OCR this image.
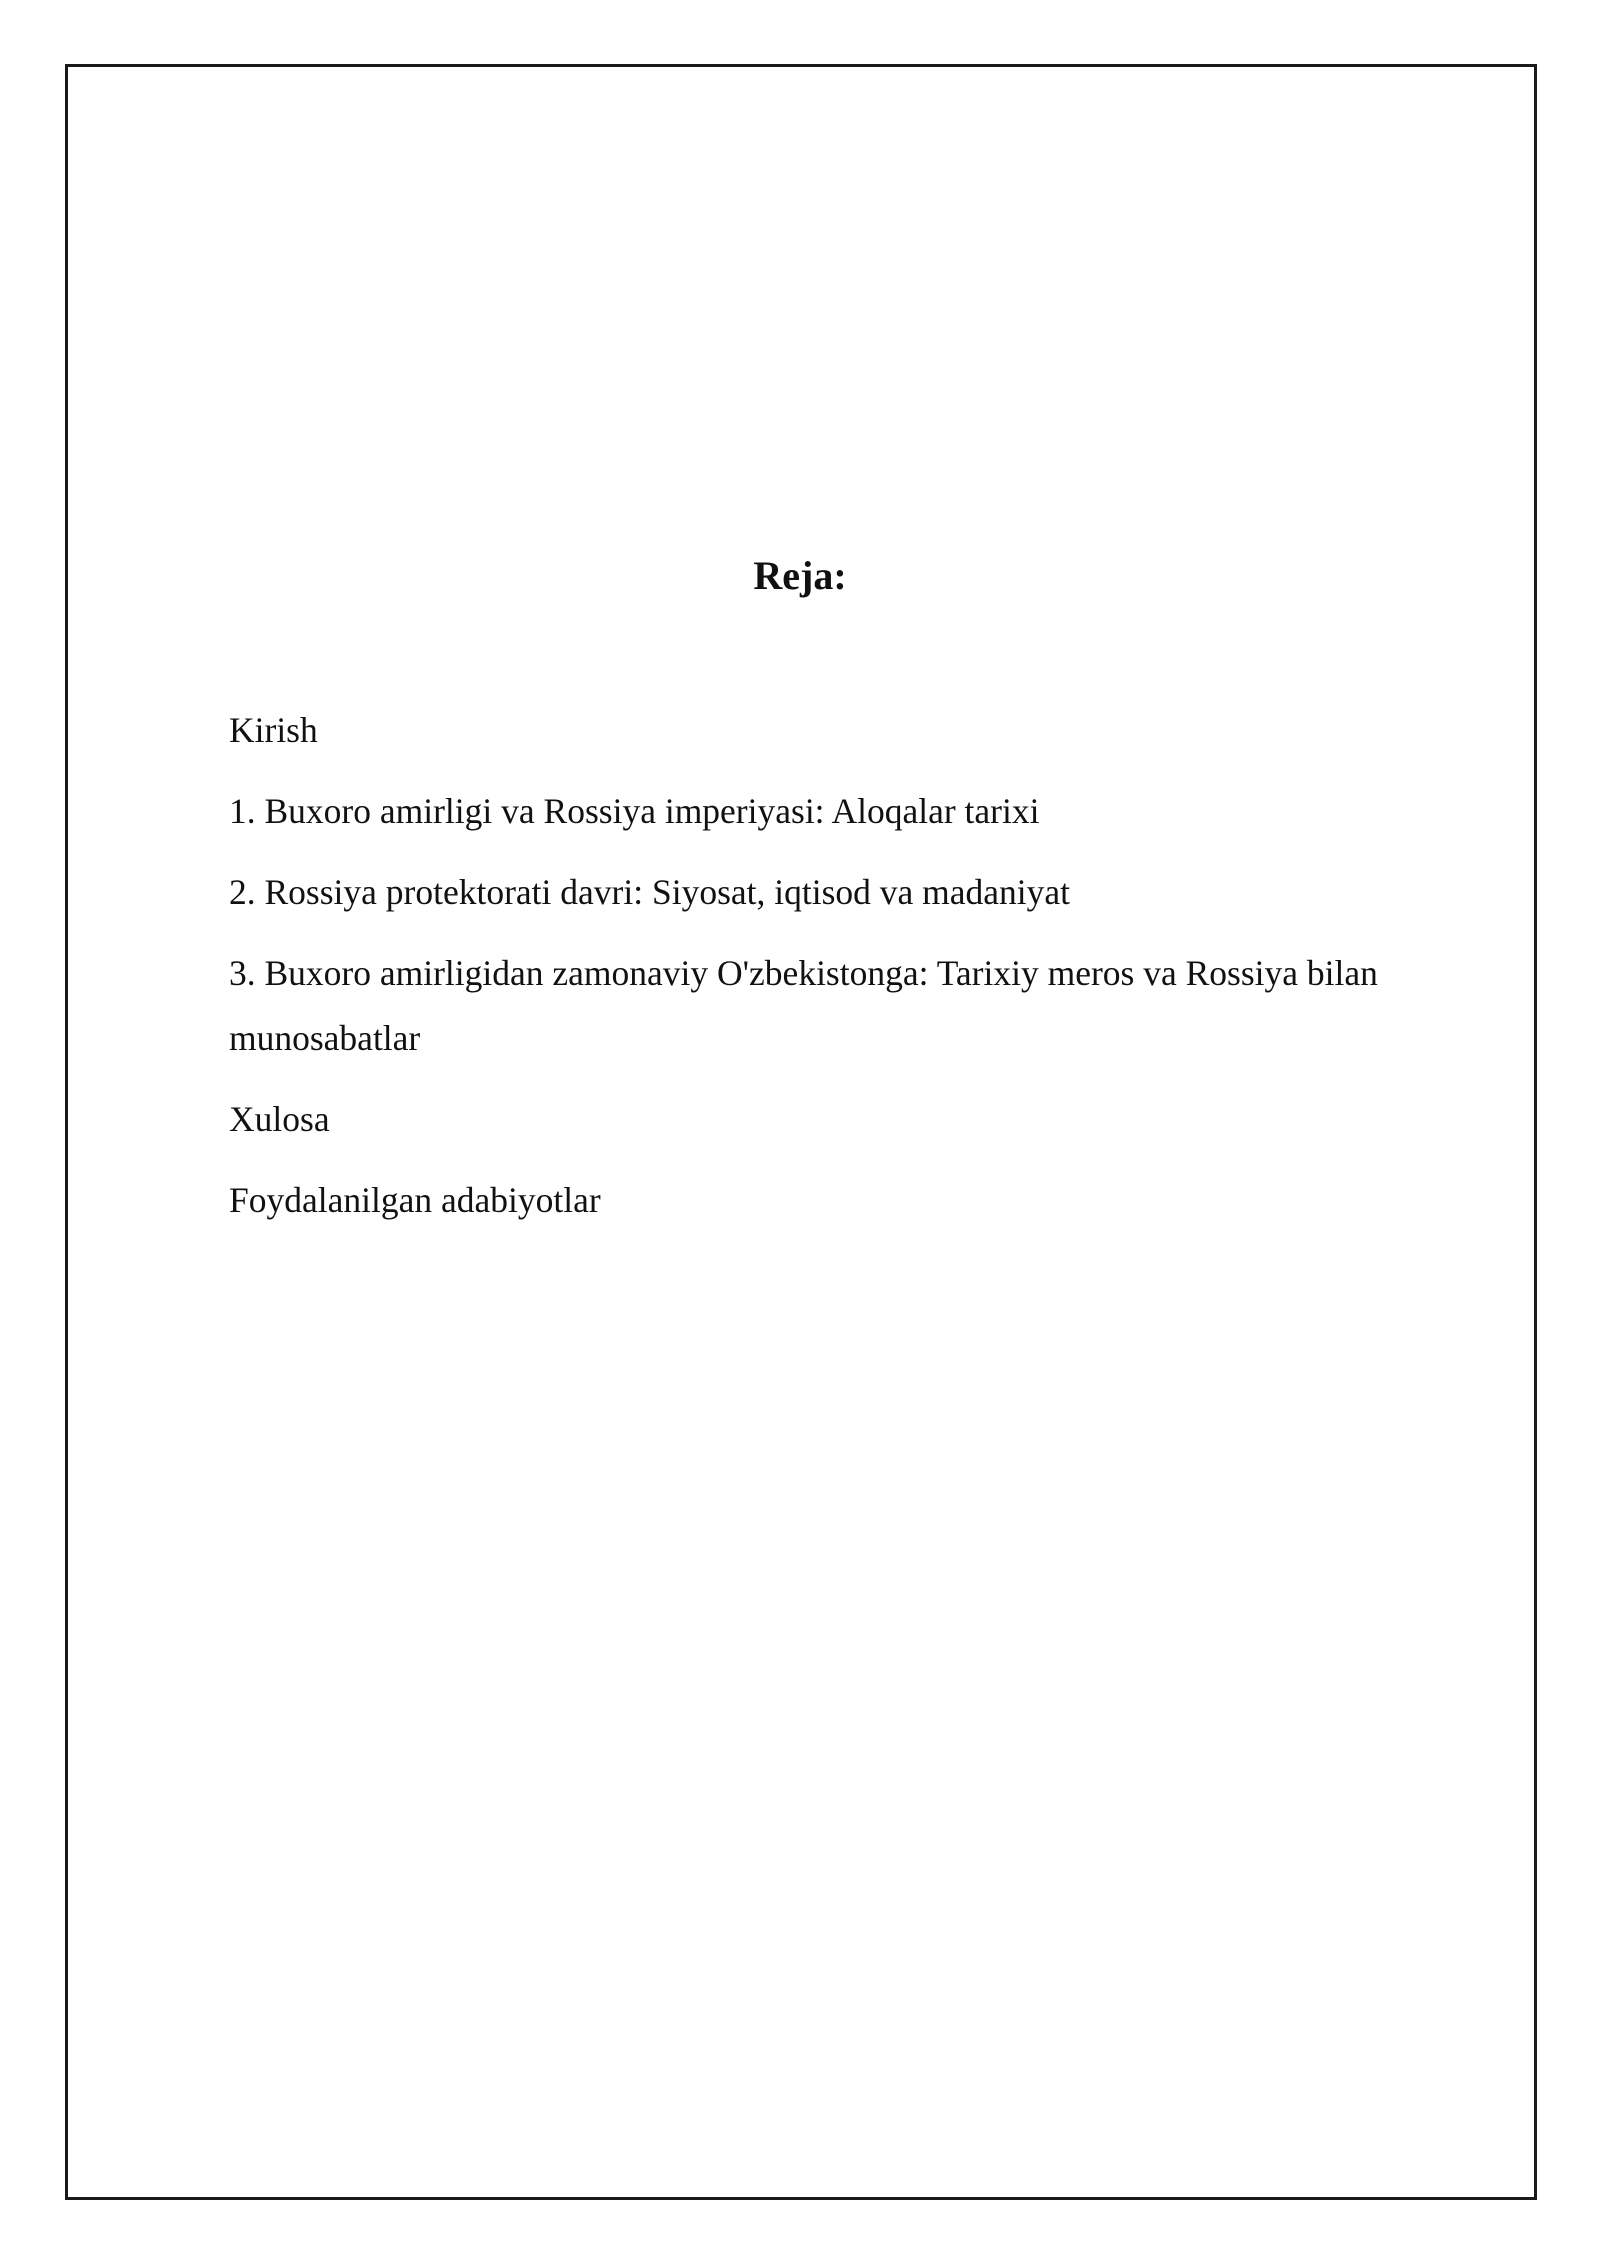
Reja:
Kirish
1. Buxoro amirligi va Rossiya imperiyasi: Aloqalar tarixi
2. Rossiya protektorati davri: Siyosat, iqtisod va madaniyat
3. Buxoro amirligidan zamonaviy O'zbekistonga: Tarixiy meros va Rossiya bilan munosabatlar
Xulosa
Foydalanilgan adabiyotlar
